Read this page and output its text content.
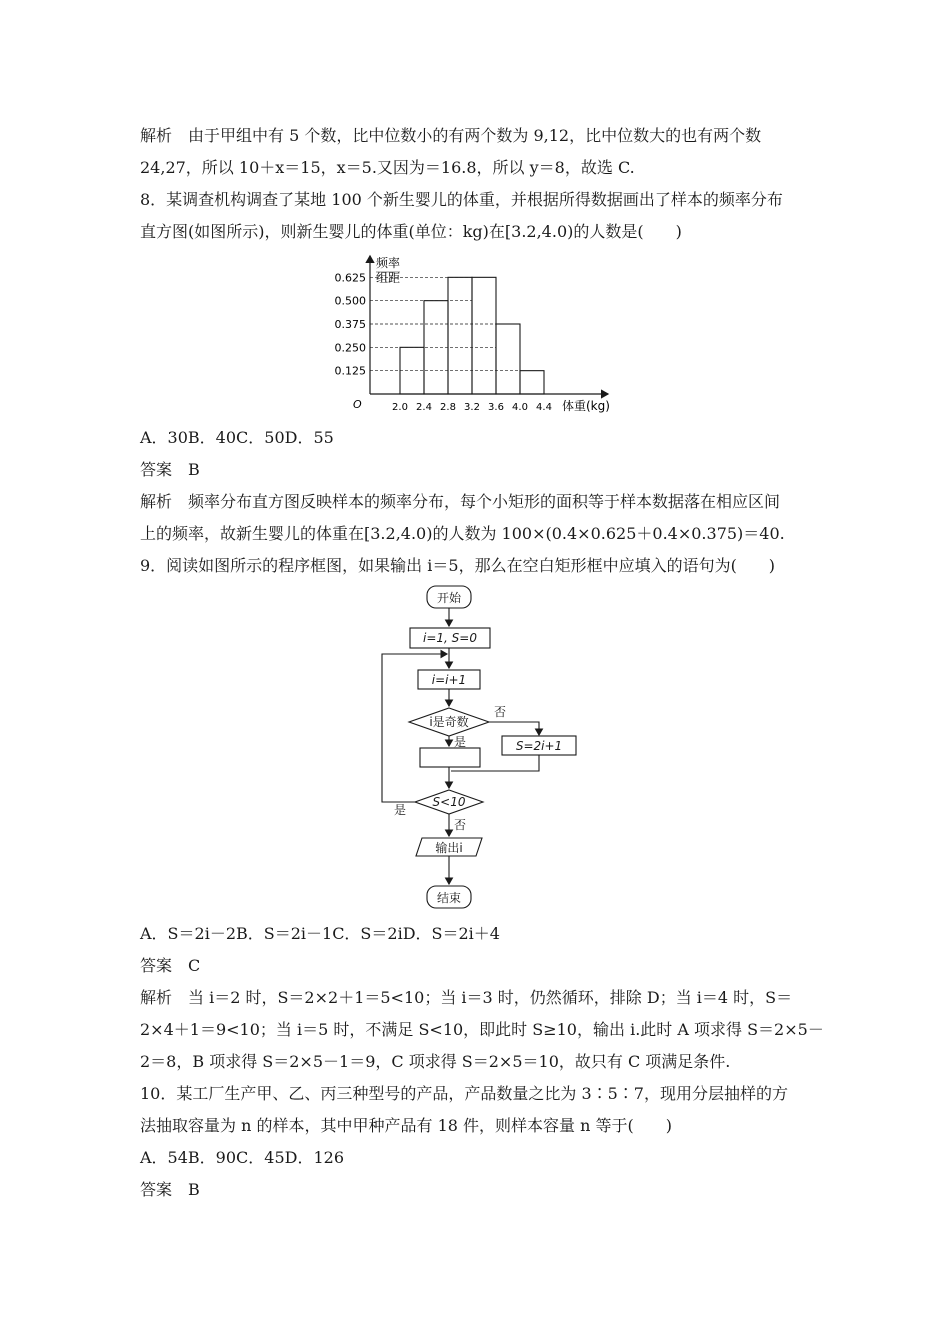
解析　由于甲组中有 5 个数，比中位数小的有两个数为 9,12，比中位数大的也有两个数
24,27，所以 10＋x＝15，x＝5.又因为＝16.8，所以 y＝8，故选 C.
8．某调查机构调查了某地 100 个新生婴儿的体重，并根据所得数据画出了样本的频率分布
直方图(如图所示)，则新生婴儿的体重(单位：kg)在[3.2,4.0)的人数是(　　)
频率
组距
O	体重(kg)
0.125
0.250
0.375
0.500
0.625
2.0 2.4 2.8 3.2 3.6 4.0 4.4
A．30B．40C．50D．55
答案　B
解析　频率分布直方图反映样本的频率分布，每个小矩形的面积等于样本数据落在相应区间
上的频率，故新生婴儿的体重在[3.2,4.0)的人数为 100×(0.4×0.625＋0.4×0.375)＝40.
9．阅读如图所示的程序框图，如果输出 i＝5，那么在空白矩形框中应填入的语句为(　　)
开始
i=1, S=0
i=i+1
i是奇数
否
是	S=2i+1
S<10
是
否
输出i
结束
A．S＝2i－2B．S＝2i－1C．S＝2iD．S＝2i＋4
答案　C
解析　当 i＝2 时，S＝2×2＋1＝5<10；当 i＝3 时，仍然循环，排除 D；当 i＝4 时，S＝
2×4＋1＝9<10；当 i＝5 时，不满足 S<10，即此时 S≥10，输出 i.此时 A 项求得 S＝2×5－
2＝8，B 项求得 S＝2×5－1＝9，C 项求得 S＝2×5＝10，故只有 C 项满足条件.
10．某工厂生产甲、乙、丙三种型号的产品，产品数量之比为 3∶5∶7，现用分层抽样的方
法抽取容量为 n 的样本，其中甲种产品有 18 件，则样本容量 n 等于(　　)
A．54B．90C．45D．126
答案　B
